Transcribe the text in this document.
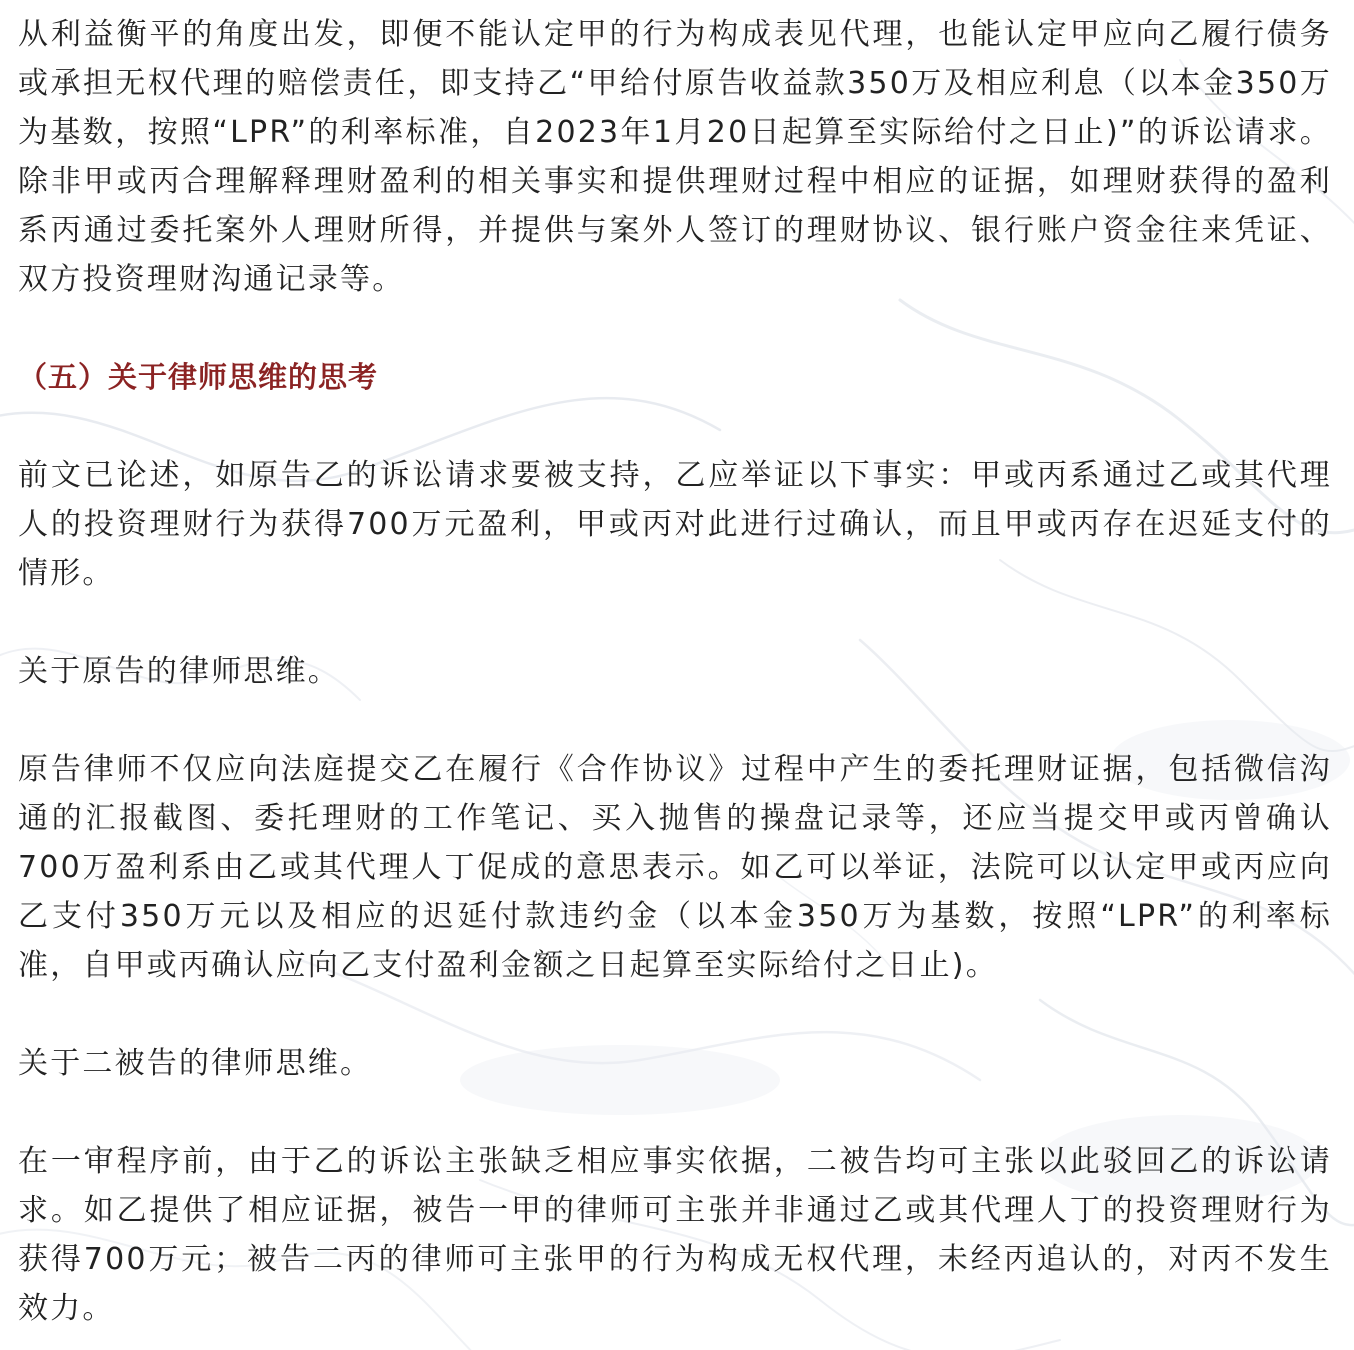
从利益衡平的角度出发，即便不能认定甲的行为构成表见代理，也能认定甲应向乙履行债务或承担无权代理的赔偿责任，即支持乙“甲给付原告收益款350万及相应利息（以本金350万为基数，按照“LPR”的利率标准，自2023年1月20日起算至实际给付之日止)”的诉讼请求。除非甲或丙合理解释理财盈利的相关事实和提供理财过程中相应的证据，如理财获得的盈利系丙通过委托案外人理财所得，并提供与案外人签订的理财协议、银行账户资金往来凭证、双方投资理财沟通记录等。

（五）关于律师思维的思考

前文已论述，如原告乙的诉讼请求要被支持，乙应举证以下事实：甲或丙系通过乙或其代理人的投资理财行为获得700万元盈利，甲或丙对此进行过确认，而且甲或丙存在迟延支付的情形。

关于原告的律师思维。

原告律师不仅应向法庭提交乙在履行《合作协议》过程中产生的委托理财证据，包括微信沟通的汇报截图、委托理财的工作笔记、买入抛售的操盘记录等，还应当提交甲或丙曾确认700万盈利系由乙或其代理人丁促成的意思表示。如乙可以举证，法院可以认定甲或丙应向乙支付350万元以及相应的迟延付款违约金（以本金350万为基数，按照“LPR”的利率标准，自甲或丙确认应向乙支付盈利金额之日起算至实际给付之日止)。

关于二被告的律师思维。

在一审程序前，由于乙的诉讼主张缺乏相应事实依据，二被告均可主张以此驳回乙的诉讼请求。如乙提供了相应证据，被告一甲的律师可主张并非通过乙或其代理人丁的投资理财行为获得700万元；被告二丙的律师可主张甲的行为构成无权代理，未经丙追认的，对丙不发生效力。
